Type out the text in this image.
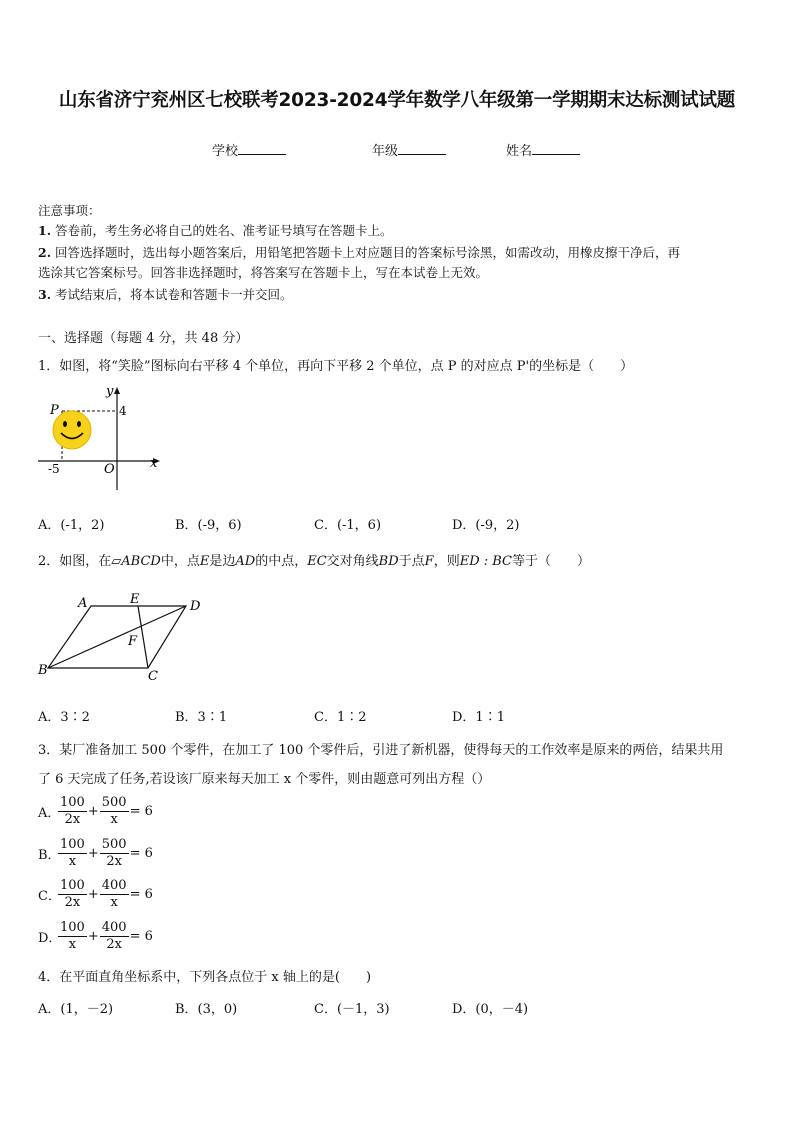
山东省济宁兖州区七校联考2023-2024学年数学八年级第一学期期末达标测试试题
学校	年级	姓名
注意事项：
1. 答卷前，考生务必将自己的姓名、准考证号填写在答题卡上。
2. 回答选择题时，选出每小题答案后，用铅笔把答题卡上对应题目的答案标号涂黑，如需改动，用橡皮擦干净后，再
选涂其它答案标号。回答非选择题时，将答案写在答题卡上，写在本试卷上无效。
3. 考试结束后，将本试卷和答题卡一并交回。
一、选择题（每题 4 分，共 48 分）
1．如图，将“笑脸”图标向右平移 4 个单位，再向下平移 2 个单位，点 P 的对应点 P'的坐标是（　　）
y
x
4
-5	O
P
A．(-1，2)	B．(-9，6)	C．(-1，6)	D．(-9，2)
2．如图，在▱ABCD中，点E是边AD的中点，EC交对角线BD于点F，则ED : BC等于（　　）
A	E	D
F
B	C
A．3∶2	B．3∶1	C．1∶2	D．1∶1
3．某厂准备加工 500 个零件，在加工了 100 个零件后，引进了新机器，使得每天的工作效率是原来的两倍，结果共用
了 6 天完成了任务,若设该厂原来每天加工 x 个零件，则由题意可列出方程（）
A．
$\frac{100}{2x} + \frac{500}{x} = 6$
B．
$\frac{100}{x} + \frac{500}{2x} = 6$
C．
$\frac{100}{2x} + \frac{400}{x} = 6$
D．
$\frac{100}{x} + \frac{400}{2x} = 6$
4．在平面直角坐标系中，下列各点位于 x 轴上的是(　　)
A．(1，－2)	B．(3，0)	C．(－1，3)	D．(0，－4)
